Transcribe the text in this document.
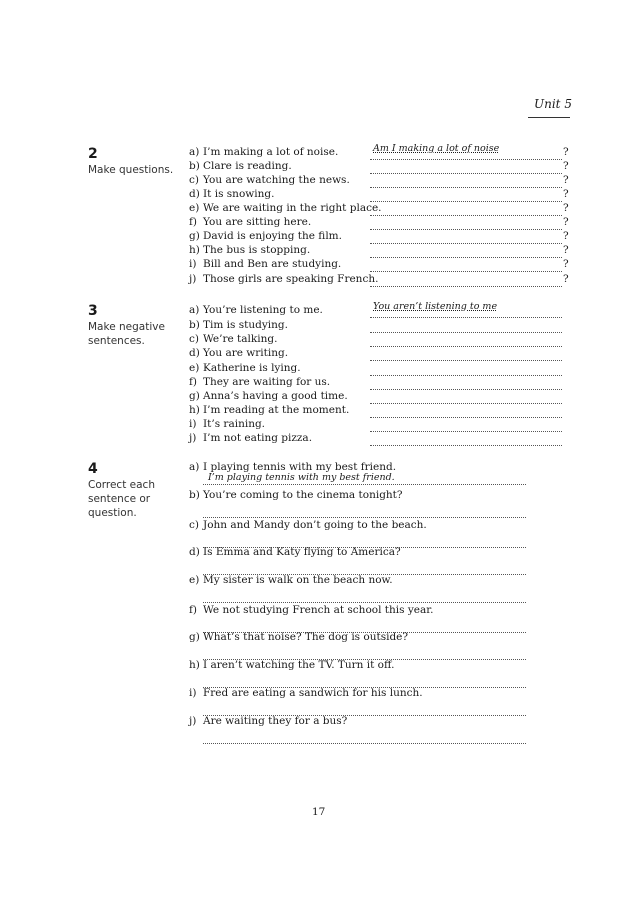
Unit 5
2
Make questions.
a) I’m making a lot of noise.	Am I making a lot of noise	?
b) Clare is reading.	?
c) You are watching the news.	?
d) It is snowing.	?
e) We are waiting in the right place.	?
f) You are sitting here.	?
g) David is enjoying the film.	?
h) The bus is stopping.	?
i) Bill and Ben are studying.	?
j) Those girls are speaking French.	?
3
Make negative sentences.
a) You’re listening to me.	You aren’t listening to me
b) Tim is studying.
c) We’re talking.
d) You are writing.
e) Katherine is lying.
f) They are waiting for us.
g) Anna’s having a good time.
h) I’m reading at the moment.
i) It’s raining.
j) I’m not eating pizza.
4
Correct each sentence or question.
a) I playing tennis with my best friend.
I’m playing tennis with my best friend.
b) You’re coming to the cinema tonight?
c) John and Mandy don’t going to the beach.
d) Is Emma and Katy flying to America?
e) My sister is walk on the beach now.
f) We not studying French at school this year.
g) What’s that noise? The dog is outside?
h) I aren’t watching the TV. Turn it off.
i) Fred are eating a sandwich for his lunch.
j) Are waiting they for a bus?
17
